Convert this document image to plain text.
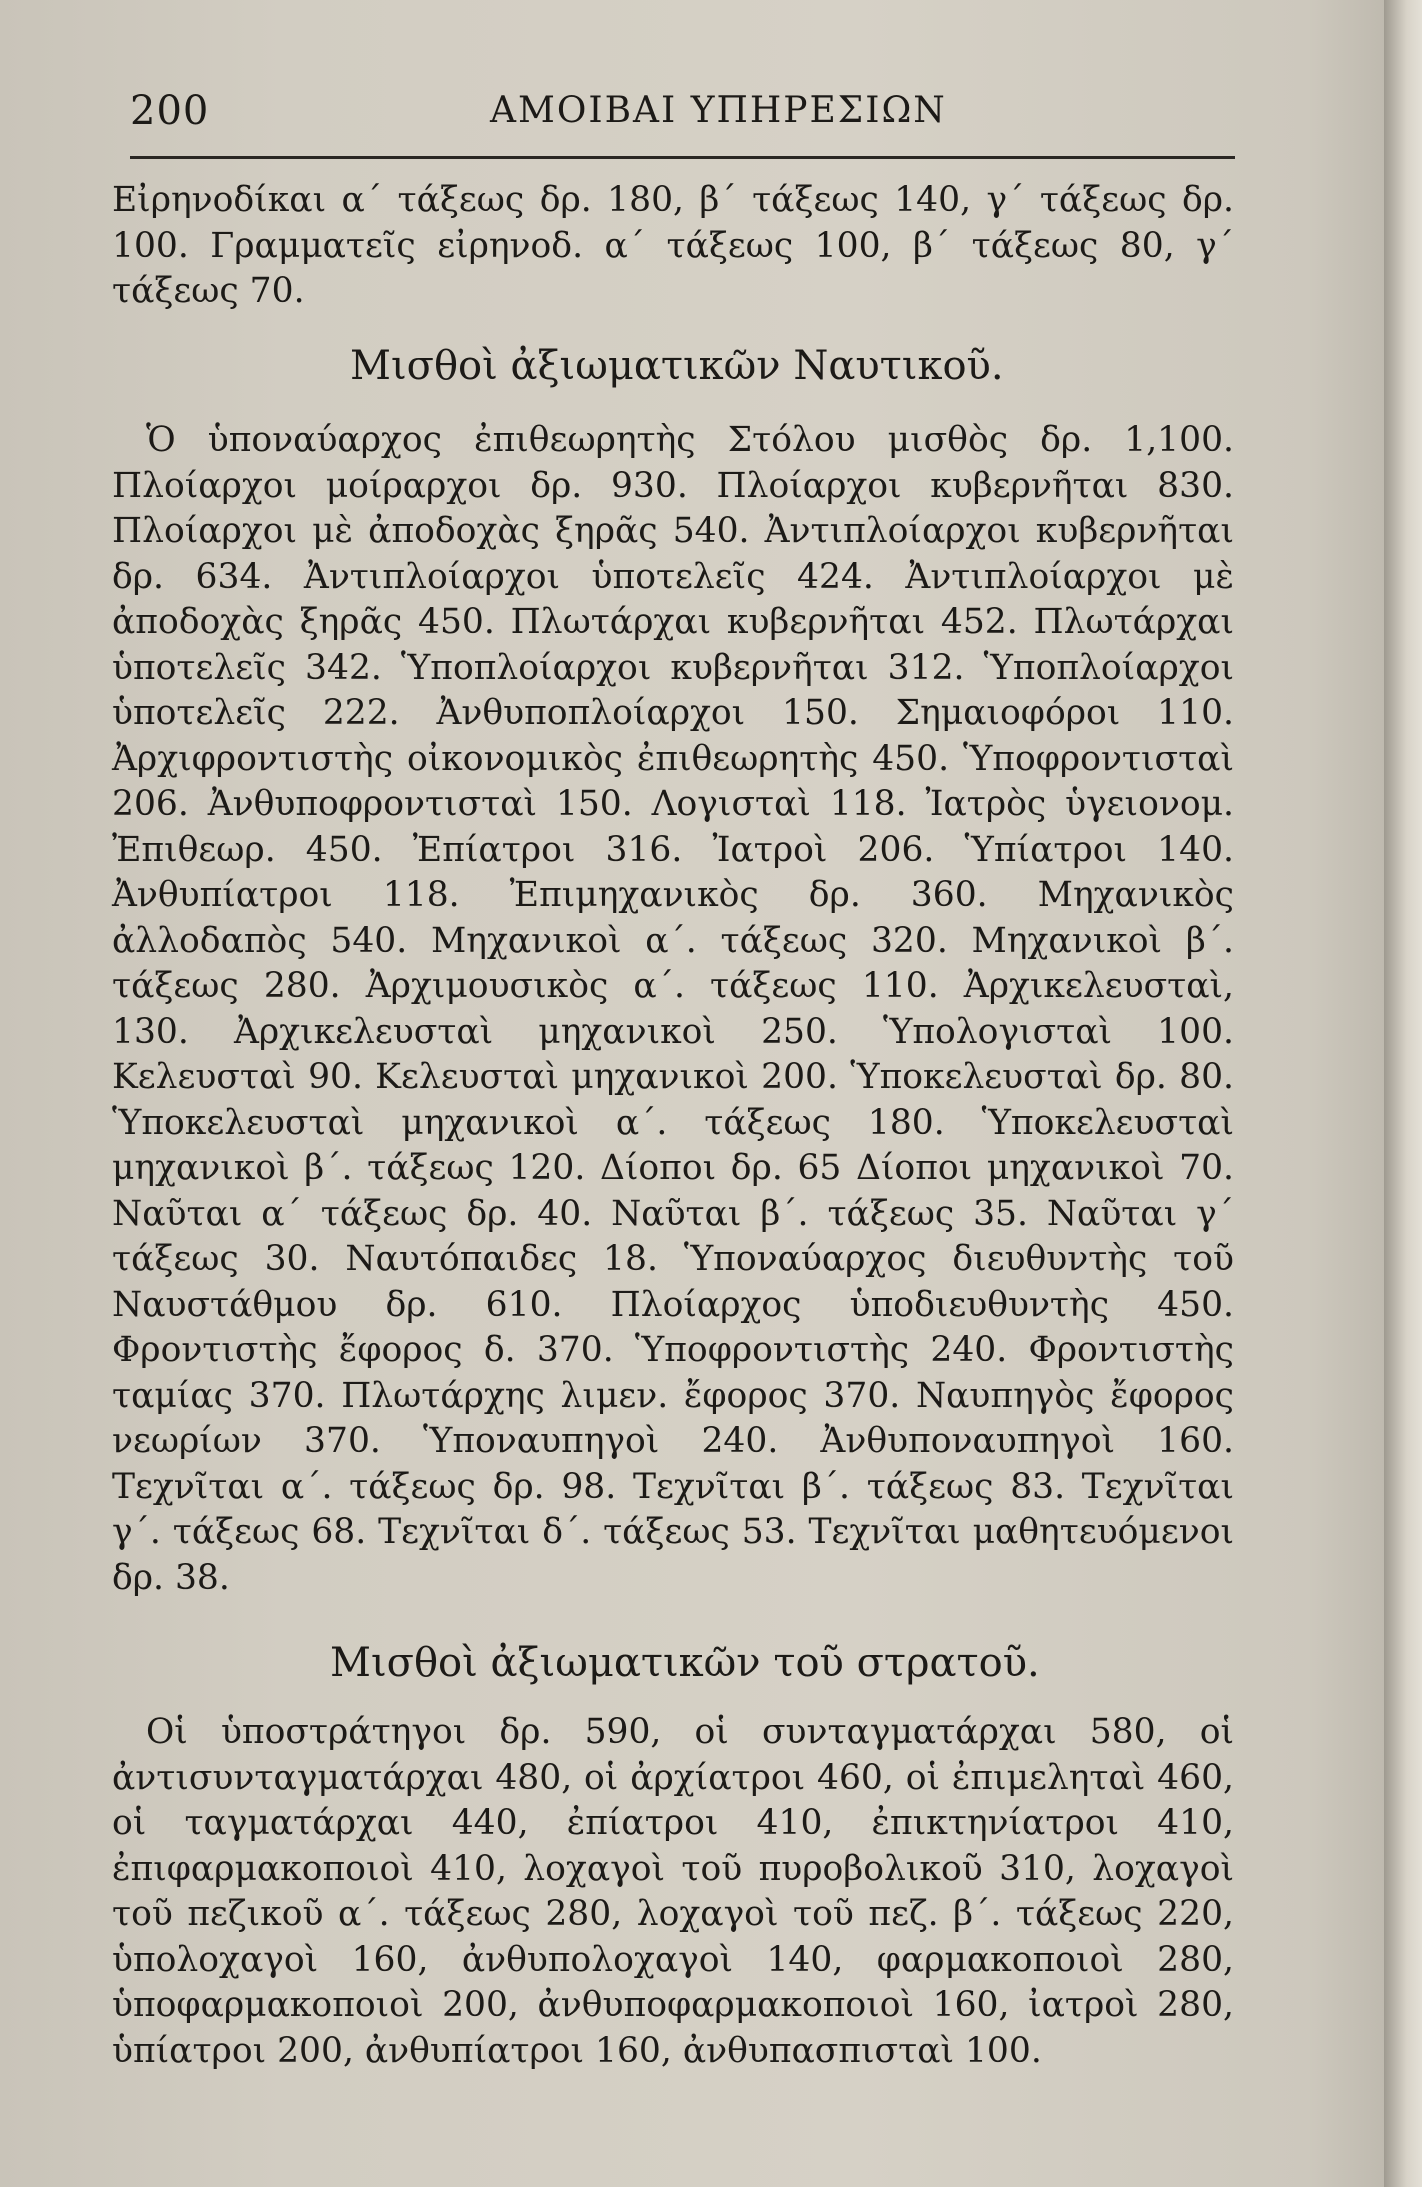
200	ΑΜΟΙΒΑΙ ΥΠΗΡΕΣΙΩΝ

Εἰρηνοδίκαι α΄ τάξεως δρ. 180, β΄ τάξεως 140, γ΄ τάξεως δρ. 100. Γραμματεῖς εἰρηνοδ. α΄ τάξεως 100, β΄ τάξεως 80, γ΄ τάξεως 70.

Μισθοὶ ἀξιωματικῶν Ναυτικοῦ.

Ὁ ὑποναύαρχος ἐπιθεωρητὴς Στόλου μισθὸς δρ. 1,100. Πλοίαρχοι μοίραρχοι δρ. 930. Πλοίαρχοι κυβερνῆται 830. Πλοίαρχοι μὲ ἀποδοχὰς ξηρᾶς 540. Ἀντιπλοίαρχοι κυβερνῆται δρ. 634. Ἀντιπλοίαρχοι ὑποτελεῖς 424. Ἀντιπλοίαρχοι μὲ ἀποδοχὰς ξηρᾶς 450. Πλωτάρχαι κυβερνῆται 452. Πλωτάρχαι ὑποτελεῖς 342. Ὑποπλοίαρχοι κυβερνῆται 312. Ὑποπλοίαρχοι ὑποτελεῖς 222. Ἀνθυποπλοίαρχοι 150. Σημαιοφόροι 110. Ἀρχιφροντιστὴς οἰκονομικὸς ἐπιθεωρητὴς 450. Ὑποφροντισταὶ 206. Ἀνθυποφροντισταὶ 150. Λογισταὶ 118. Ἰατρὸς ὑγειονομ. Ἐπιθεωρ. 450. Ἐπίατροι 316. Ἰατροὶ 206. Ὑπίατροι 140. Ἀνθυπίατροι 118. Ἐπιμηχανικὸς δρ. 360. Μηχανικὸς ἀλλοδαπὸς 540. Μηχανικοὶ α΄. τάξεως 320. Μηχανικοὶ β΄. τάξεως 280. Ἀρχιμουσικὸς α΄. τάξεως 110. Ἀρχικελευσταὶ, 130. Ἀρχικελευσταὶ μηχανικοὶ 250. Ὑπολογισταὶ 100. Κελευσταὶ 90. Κελευσταὶ μηχανικοὶ 200. Ὑποκελευσταὶ δρ. 80. Ὑποκελευσταὶ μηχανικοὶ α΄. τάξεως 180. Ὑποκελευσταὶ μηχανικοὶ β΄. τάξεως 120. Δίοποι δρ. 65 Δίοποι μηχανικοὶ 70. Ναῦται α΄ τάξεως δρ. 40. Ναῦται β΄. τάξεως 35. Ναῦται γ΄ τάξεως 30. Ναυτόπαιδες 18. Ὑποναύαρχος διευθυντὴς τοῦ Ναυστάθμου δρ. 610. Πλοίαρχος ὑποδιευθυντὴς 450. Φροντιστὴς ἔφορος δ. 370. Ὑποφροντιστὴς 240. Φροντιστὴς ταμίας 370. Πλωτάρχης λιμεν. ἔφορος 370. Ναυπηγὸς ἔφορος νεωρίων 370. Ὑποναυπηγοὶ 240. Ἀνθυποναυπηγοὶ 160. Τεχνῖται α΄. τάξεως δρ. 98. Τεχνῖται β΄. τάξεως 83. Τεχνῖται γ΄. τάξεως 68. Τεχνῖται δ΄. τάξεως 53. Τεχνῖται μαθητευόμενοι δρ. 38.

Μισθοὶ ἀξιωματικῶν τοῦ στρατοῦ.

Οἱ ὑποστράτηγοι δρ. 590, οἱ συνταγματάρχαι 580, οἱ ἀντισυνταγματάρχαι 480, οἱ ἀρχίατροι 460, οἱ ἐπιμεληταὶ 460, οἱ ταγματάρχαι 440, ἐπίατροι 410, ἐπικτηνίατροι 410, ἐπιφαρμακοποιοὶ 410, λοχαγοὶ τοῦ πυροβολικοῦ 310, λοχαγοὶ τοῦ πεζικοῦ α΄. τάξεως 280, λοχαγοὶ τοῦ πεζ. β΄. τάξεως 220, ὑπολοχαγοὶ 160, ἀνθυπολοχαγοὶ 140, φαρμακοποιοὶ 280, ὑποφαρμακοποιοὶ 200, ἀνθυποφαρμακοποιοὶ 160, ἰατροὶ 280, ὑπίατροι 200, ἀνθυπίατροι 160, ἀνθυπασπισταὶ 100.
